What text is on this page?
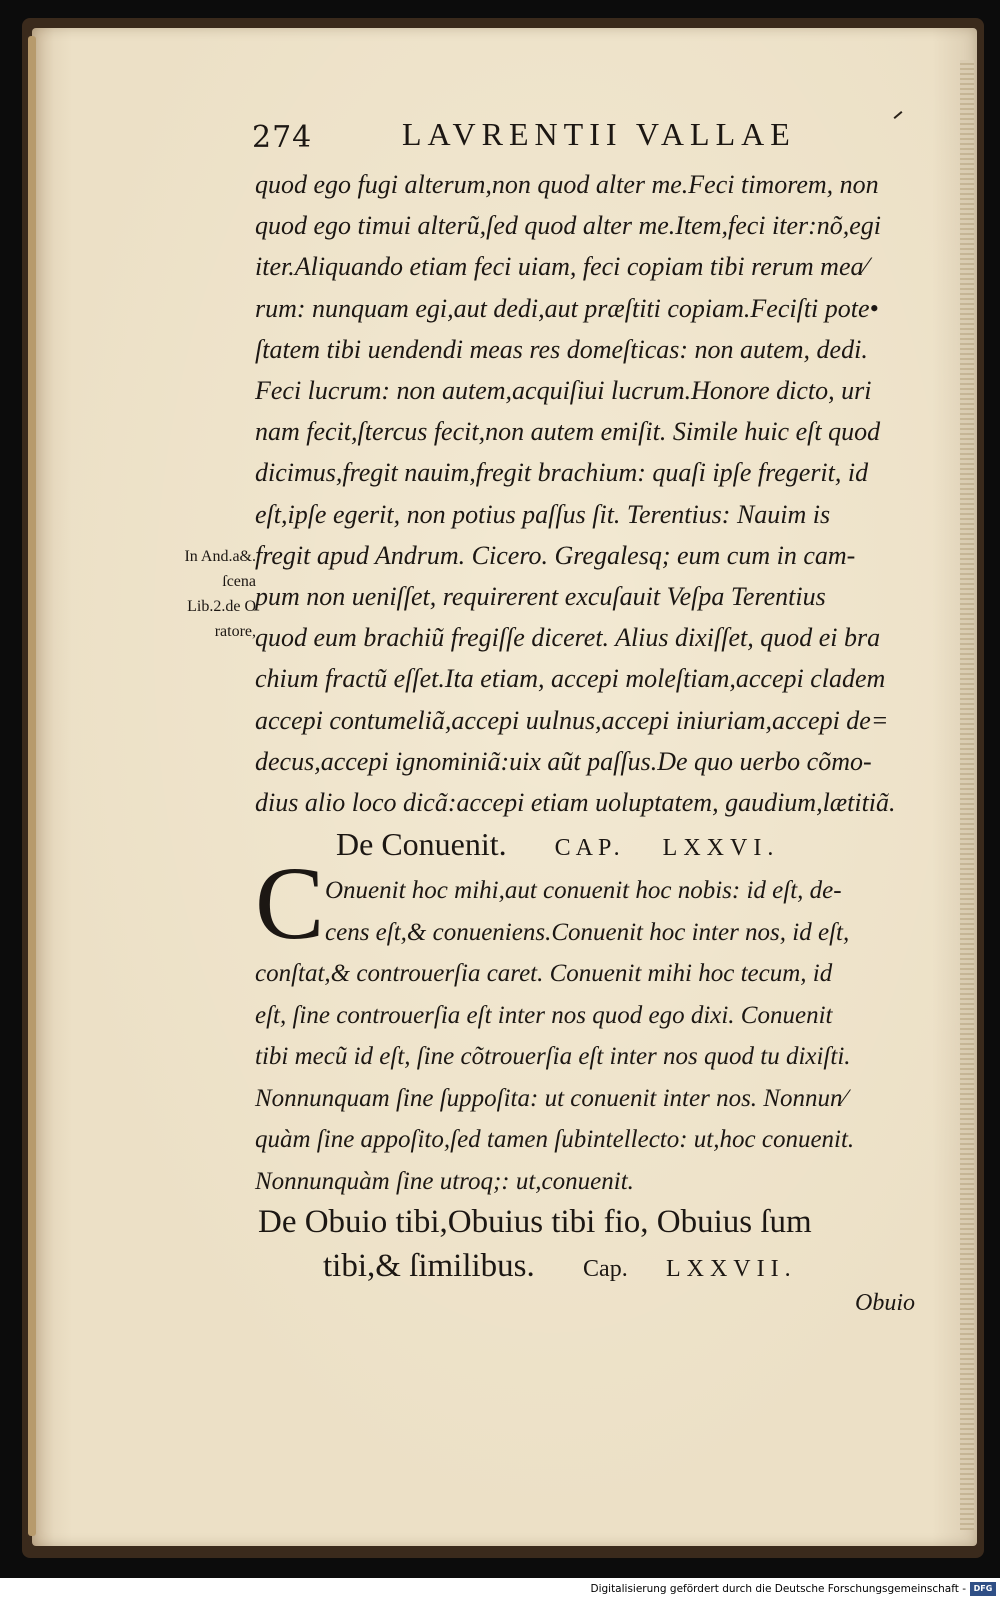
274	LAVRENTII VALLAE
quod ego fugi alterum,non quod alter me.Feci timorem, non
quod ego timui alterũ,ſed quod alter me.Item,feci iter:nõ,egi
iter.Aliquando etiam feci uiam, feci copiam tibi rerum mea⁄
rum: nunquam egi,aut dedi,aut præſtiti copiam.Feciſti pote•
ſtatem tibi uendendi meas res domeſticas: non autem, dedi.
Feci lucrum: non autem,acquiſiui lucrum.Honore dicto, uri
nam fecit,ſtercus fecit,non autem emiſit. Simile huic eſt quod
dicimus,fregit nauim,fregit brachium: quaſi ipſe fregerit, id
eſt,ipſe egerit, non potius paſſus ſit. Terentius: Nauim is
fregit apud Andrum. Cicero. Gregalesq; eum cum in cam-
pum non ueniſſet, requirerent excuſauit Veſpa Terentius
quod eum brachiũ fregiſſe diceret. Alius dixiſſet, quod ei bra
chium fractũ eſſet.Ita etiam, accepi moleſtiam,accepi cladem
accepi contumeliã,accepi uulnus,accepi iniuriam,accepi de=
decus,accepi ignominiã:uix aũt paſſus.De quo uerbo cõmo-
dius alio loco dicã:accepi etiam uoluptatem, gaudium,lætitiã.
In And.a&.
ſcena
Lib.2.de O
ratore,
De Conuenit. CAP. LXXVI.
C Onuenit hoc mihi,aut conuenit hoc nobis: id eſt, de-
cens eſt,& conueniens.Conuenit hoc inter nos, id eſt,
conſtat,& controuerſia caret. Conuenit mihi hoc tecum, id
eſt, ſine controuerſia eſt inter nos quod ego dixi. Conuenit
tibi mecũ id eſt, ſine cõtrouerſia eſt inter nos quod tu dixiſti.
Nonnunquam ſine ſuppoſita: ut conuenit inter nos. Nonnun⁄
quàm ſine appoſito,ſed tamen ſubintellecto: ut,hoc conuenit.
Nonnunquàm ſine utroq;: ut,conuenit.
De Obuio tibi,Obuius tibi fio, Obuius ſum
tibi,& ſimilibus. Cap. LXXVII.
Obuio
Digitalisierung gefördert durch die Deutsche Forschungsgemeinschaft - DFG
